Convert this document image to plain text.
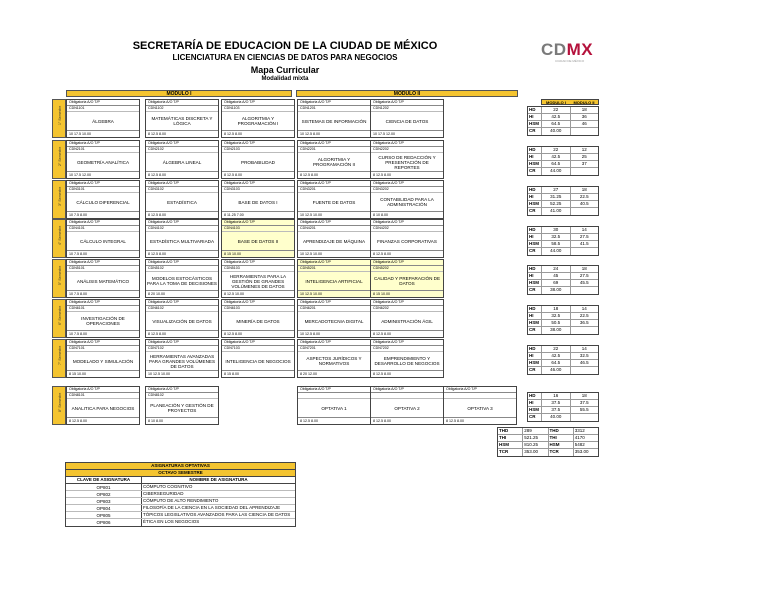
SECRETARÍA DE EDUCACION DE LA CIUDAD DE MÉXICO
LICENCIATURA EN CIENCIAS DE DATOS PARA NEGOCIOS
Mapa Curricular
Modalidad mixta
CDMX
CIUDAD DE MÉXICO
MODULO I	MODULO II
1° Semestre
Obligatoria A/O T/P
CDN1101
ÁLGEBRA
10 17.5 10.00
Obligatoria A/O T/P
CDN1102
MATEMÁTICAS DISCRETA Y LÓGICA
8 12.5 8.00
Obligatoria A/O T/P
CDN1103
ALGORITMIA Y PROGRAMACIÓN I
8 12.5 8.00
Obligatoria A/O T/P
CDN1201
SISTEMAS DE INFORMACIÓN
10 12.5 8.00
Obligatoria A/O T/P
CDN1202
CIENCIA DE DATOS
10 17.5 12.00
2° Semestre
Obligatoria A/O T/P
CDN2101
GEOMETRÍA ANALÍTICA
10 17.5 12.00
Obligatoria A/O T/P
CDN2102
ÁLGEBRA LINEAL
8 12.5 8.00
Obligatoria A/O T/P
CDN2103
PROBABILIDAD
8 12.5 8.00
Obligatoria A/O T/P
CDN2201
ALGORITMIA Y PROGRAMACIÓN II
8 12.5 8.00
Obligatoria A/O T/P
CDN2202
CURSO DE REDACCIÓN Y PRESENTACIÓN DE REPORTES
8 12.5 8.00
3° Semestre
Obligatoria A/O T/P
CDN3101
CÁLCULO DIFERENCIAL
10 7.5 8.00
Obligatoria A/O T/P
CDN3102
ESTADÍSTICA
8 12.5 8.00
Obligatoria A/O T/P
CDN3103
BASE DE DATOS I
8 11.25 7.00
Obligatoria A/O T/P
CDN3201
FUENTE DE DATOS
10 12.5 10.00
Obligatoria A/O T/P
CDN3202
CONTABILIDAD PARA LA ADMINISTRACIÓN
8 10 8.00
4° Semestre
Obligatoria A/O T/P
CDN4101
CÁLCULO INTEGRAL
10 7.5 8.00
Obligatoria A/O T/P
CDN4102
ESTADÍSTICA MULTIVARIADA
8 12.5 8.00
Obligatoria A/O T/P
CDN4103
BASE DE DATOS II
8 15 10.00
Obligatoria A/O T/P
CDN4201
APRENDIZAJE DE MÁQUINA
10 12.5 10.00
Obligatoria A/O T/P
CDN4202
FINANZAS CORPORATIVAS
8 12.5 8.00
5° Semestre
Obligatoria A/O T/P
CDN5101
ANÁLISIS MATEMÁTICO
10 7.5 8.00
Obligatoria A/O T/P
CDN5102
MODELOS ESTOCÁSTICOS PARA LA TOMA DE DECISIONES
8 20 10.00
Obligatoria A/O T/P
CDN5103
HERRAMIENTAS PARA LA GESTIÓN DE GRANDES VOLÚMENES DE DATOS
8 12.5 10.00
Obligatoria A/O T/P
CDN5201
INTELIGENCIA ARTIFICIAL
10 12.5 10.00
Obligatoria A/O T/P
CDN5202
CALIDAD Y PREPARACIÓN DE DATOS
8 15 10.00
6° Semestre
Obligatoria A/O T/P
CDN6101
INVESTIGACIÓN DE OPERACIONES
10 7.5 8.00
Obligatoria A/O T/P
CDN6102
VISUALIZACIÓN DE DATOS
8 12.5 8.00
Obligatoria A/O T/P
CDN6103
MINERÍA DE DATOS
8 12.5 8.00
Obligatoria A/O T/P
CDN6201
MERCADOTECNIA DIGITAL
10 12.5 8.00
Obligatoria A/O T/P
CDN6202
ADMINISTRACIÓN ÁGIL
8 12.5 8.00
7° Semestre
Obligatoria A/O T/P
CDN7101
MODELADO Y SIMULACIÓN
8 15 10.00
Obligatoria A/O T/P
CDN7102
HERRAMIENTAS AVANZADAS PARA GRANDES VOLÚMENES DE DATOS
10 12.5 10.00
Obligatoria A/O T/P
CDN7103
INTELIGENCIA DE NEGOCIOS
8 15 8.00
Obligatoria A/O T/P
CDN7201
ASPECTOS JURÍDICOS Y NORMATIVOS
8 20 12.00
Obligatoria A/O T/P
CDN7202
EMPRENDIMIENTO Y DESARROLLO DE NEGOCIOS
8 12.5 8.00
8° Semestre
Obligatoria A/O T/P
CDN8101
ANALITICA PARA NEGOCIOS
8 12.5 8.00
Obligatoria A/O T/P
CDN8102
PLANEACIÓN Y GESTIÓN DE PROYECTOS
8 10 8.00
Obligatoria A/O T/P
OPTATIVA 1
8 12.5 8.00
Obligatoria A/O T/P
OPTATIVA 2
8 12.5 8.00
Obligatoria A/O T/P
OPTATIVA 3
8 12.5 8.00
MODULO I	MODULO II
HD	22	18
HI	42.5	36
HSM	64.5	46
CR	40.00
HD	22	12
HI	42.5	25
HSM	64.5	37
CR	44.00
HD	27	18
HI	31.25	22.5
HSM	52.25	40.5
CR	41.00
HD	30	14
HI	32.5	27.5
HSM	58.5	41.5
CR	44.00
HD	24	18
HI	45	27.5
HSM	69	45.5
CR	38.00
HD	18	14
HI	32.5	22.5
HSM	50.5	36.5
CR	38.00
HD	22	14
HI	42.5	32.5
HSM	64.5	46.5
CR	46.00
HD	16	18
HI	37.5	37.5
HSM	37.5	55.5
CR	40.00
THD	289	THD	3312
THI	521.25	THI	4170
HSM	810.25	HSM	5482
TCR	353.00	TCR	353.00
ASIGNATURAS OPTATIVAS
OCTAVO SEMESTRE
CLAVE DE ASIGNATURA	NOMBRE DE ASIGNATURA
OP801	CÓMPUTO COGNITIVO
OP802	CIBERSEGURIDAD
OP803	CÓMPUTO DE ALTO RENDIMIENTO
OP804	FILOSOFÍA DE LA CIENCIA EN LA SOCIEDAD DEL APRENDIZAJE
OP805	TÓPICOS LEGISLATIVOS AVANZADOS PARA LAS CIENCIA DE DATOS
OP806	ÉTICA EN LOS NEGOCIOS
